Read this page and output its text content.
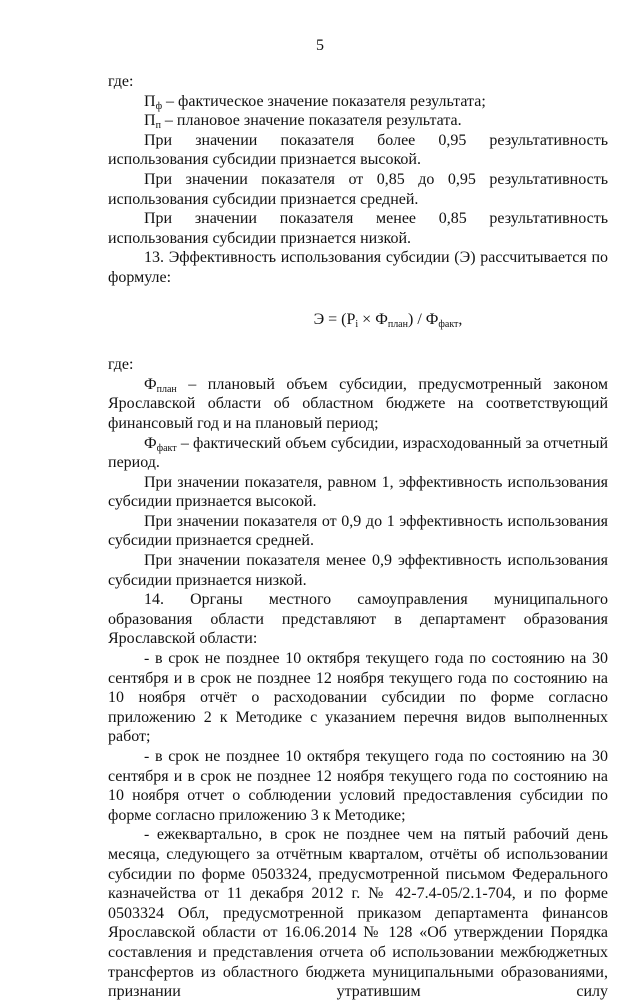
5

где:

$П_ф$ – фактическое значение показателя результата;

$П_п$ – плановое значение показателя результата.

При значении показателя более 0,95 результативность использования субсидии признается высокой.

При значении показателя от 0,85 до 0,95 результативность использования субсидии признается средней.

При значении показателя менее 0,85 результативность использования субсидии признается низкой.

13. Эффективность использования субсидии (Э) рассчитывается по формуле:

$Э = (Р_i \times Ф_{план}) / Ф_{факт}$,

где:

$Ф_{план}$ – плановый объем субсидии, предусмотренный законом Ярославской области об областном бюджете на соответствующий финансовый год и на плановый период;

$Ф_{факт}$ – фактический объем субсидии, израсходованный за отчетный период.

При значении показателя, равном 1, эффективность использования субсидии признается высокой.

При значении показателя от 0,9 до 1 эффективность использования субсидии признается средней.

При значении показателя менее 0,9 эффективность использования субсидии признается низкой.

14. Органы местного самоуправления муниципального образования области представляют в департамент образования Ярославской области:

- в срок не позднее 10 октября текущего года по состоянию на 30 сентября и в срок не позднее 12 ноября текущего года по состоянию на 10 ноября отчёт о расходовании субсидии по форме согласно приложению 2 к Методике с указанием перечня видов выполненных работ;

- в срок не позднее 10 октября текущего года по состоянию на 30 сентября и в срок не позднее 12 ноября текущего года по состоянию на 10 ноября отчет о соблюдении условий предоставления субсидии по форме согласно приложению 3 к Методике;

- ежеквартально, в срок не позднее чем на пятый рабочий день месяца, следующего за отчётным кварталом, отчёты об использовании субсидии по форме 0503324, предусмотренной письмом Федерального казначейства от 11 декабря 2012 г. № 42-7.4-05/2.1-704, и по форме 0503324 Обл, предусмотренной приказом департамента финансов Ярославской области от 16.06.2014 № 128 «Об утверждении Порядка составления и представления отчета об использовании межбюджетных трансфертов из областного бюджета муниципальными образованиями, признании утратившим силу
